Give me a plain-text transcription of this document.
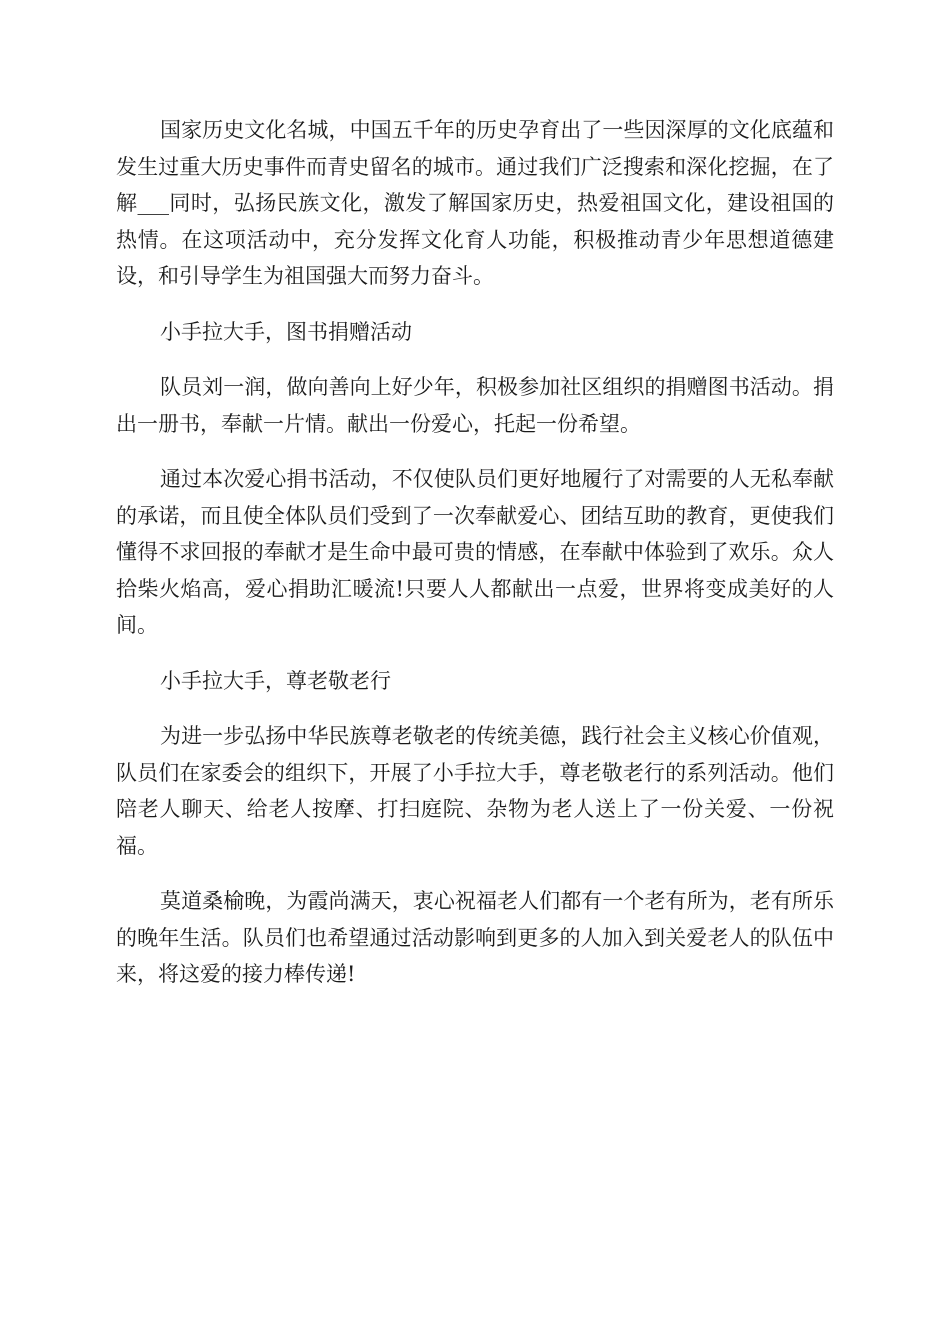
国家历史文化名城，中国五千年的历史孕育出了一些因深厚的文化底蕴和发生过重大历史事件而青史留名的城市。通过我们广泛搜索和深化挖掘，在了解___同时，弘扬民族文化，激发了解国家历史，热爱祖国文化，建设祖国的热情。在这项活动中，充分发挥文化育人功能，积极推动青少年思想道德建设，和引导学生为祖国强大而努力奋斗。

小手拉大手，图书捐赠活动

队员刘一润，做向善向上好少年，积极参加社区组织的捐赠图书活动。捐出一册书，奉献一片情。献出一份爱心，托起一份希望。

通过本次爱心捐书活动，不仅使队员们更好地履行了对需要的人无私奉献的承诺，而且使全体队员们受到了一次奉献爱心、团结互助的教育，更使我们懂得不求回报的奉献才是生命中最可贵的情感，在奉献中体验到了欢乐。众人拾柴火焰高，爱心捐助汇暖流!只要人人都献出一点爱，世界将变成美好的人间。

小手拉大手，尊老敬老行

为进一步弘扬中华民族尊老敬老的传统美德，践行社会主义核心价值观，队员们在家委会的组织下，开展了小手拉大手，尊老敬老行的系列活动。他们陪老人聊天、给老人按摩、打扫庭院、杂物为老人送上了一份关爱、一份祝福。

莫道桑榆晚，为霞尚满天，衷心祝福老人们都有一个老有所为，老有所乐的晚年生活。队员们也希望通过活动影响到更多的人加入到关爱老人的队伍中来，将这爱的接力棒传递!
